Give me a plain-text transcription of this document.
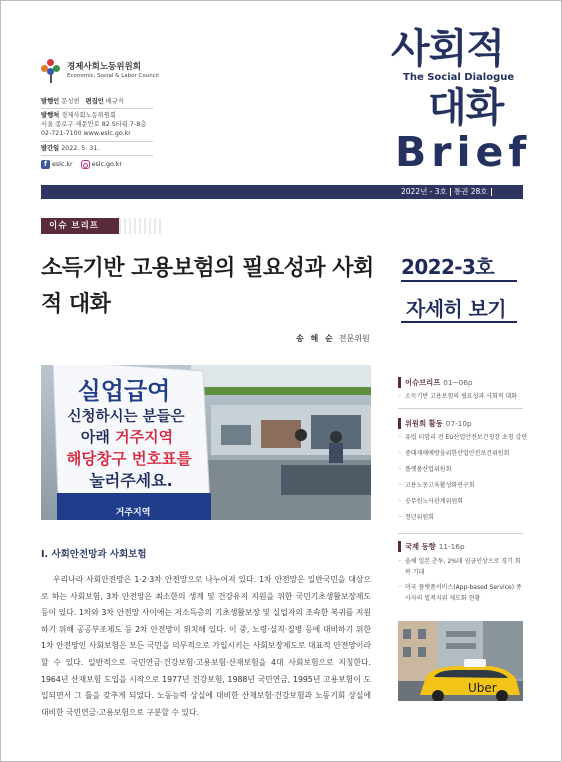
경제사회노동위원회
Economic, Social & Labor Council
발행인 문성현 편집인 배규식
발행처 경제사회노동위원회
서울 종로구 세문안로 82 S타워 7-8층
02-721-7100 www.eslc.go.kr
발간일 2022. 5. 31.
f eslc.kr	eslc.go.kr
사회적
The Social Dialogue
대화
Brief
2022년 - 3호 통권 28호
이슈 브리프
소득기반 고용보험의 필요성과 사회적 대화
송 해 순 전문위원
2022-3호
자세히 보기
실업급여
신청하시는 분들은
아래 거주지역
해당창구 번호표를
눌러주세요.
거주지역
Ⅰ. 사회안전망과 사회보험
우리나라 사회안전망은 1·2·3차 안전망으로 나누어져 있다. 1차 안전망은 일반국민을 대상으로 하는 사회보험, 3차 안전망은 최소한의 생계 및 건강유지 지원을 위한 국민기초생활보장제도 등이 있다. 1차와 3차 안전망 사이에는 저소득층의 기초생활보장 및 실업자의 조속한 복귀를 지원하기 위해 공공부조제도 등 2차 안전망이 위치해 있다. 이 중, 노령·실직·질병 등에 대비하기 위한 1차 안전망인 사회보험은 모든 국민을 의무적으로 가입시키는 사회보장제도로 대표적 안전망이라 할 수 있다. 일반적으로 국민연금·건강보험·고용보험·산재보험을 4대 사회보험으로 지칭한다. 1964년 산재보험 도입을 시작으로 1977년 건강보험, 1988년 국민연금, 1995년 고용보험이 도입되면서 그 틀을 갖추게 되었다. 노동능력 상실에 대비한 산재보험·건강보험과 노동기회 상실에 대비한 국민연금·고용보험으로 구분할 수 있다.
이슈브리프 01~06p
· 소득기반 고용보험의 필요성과 사회적 대화
위원회 활동 07-10p
· 유럽 티맘리 전 EU산업안전보건청장 초청 강연
· 중대재해예방을위한산업안전보건위원회
· 플랫폼산업위원회
· 고용노동고육활성화연구회
· 공무원노사관계위원회
· 청년위원회
국제 동향 11-16p
· 올해 일본 춘투, 2%대 임금인상으로 경기 회복 기대
· 미국 플랫폼서비스(App-based Service) 종사자의 법적지위 제도화 현황
Uber
